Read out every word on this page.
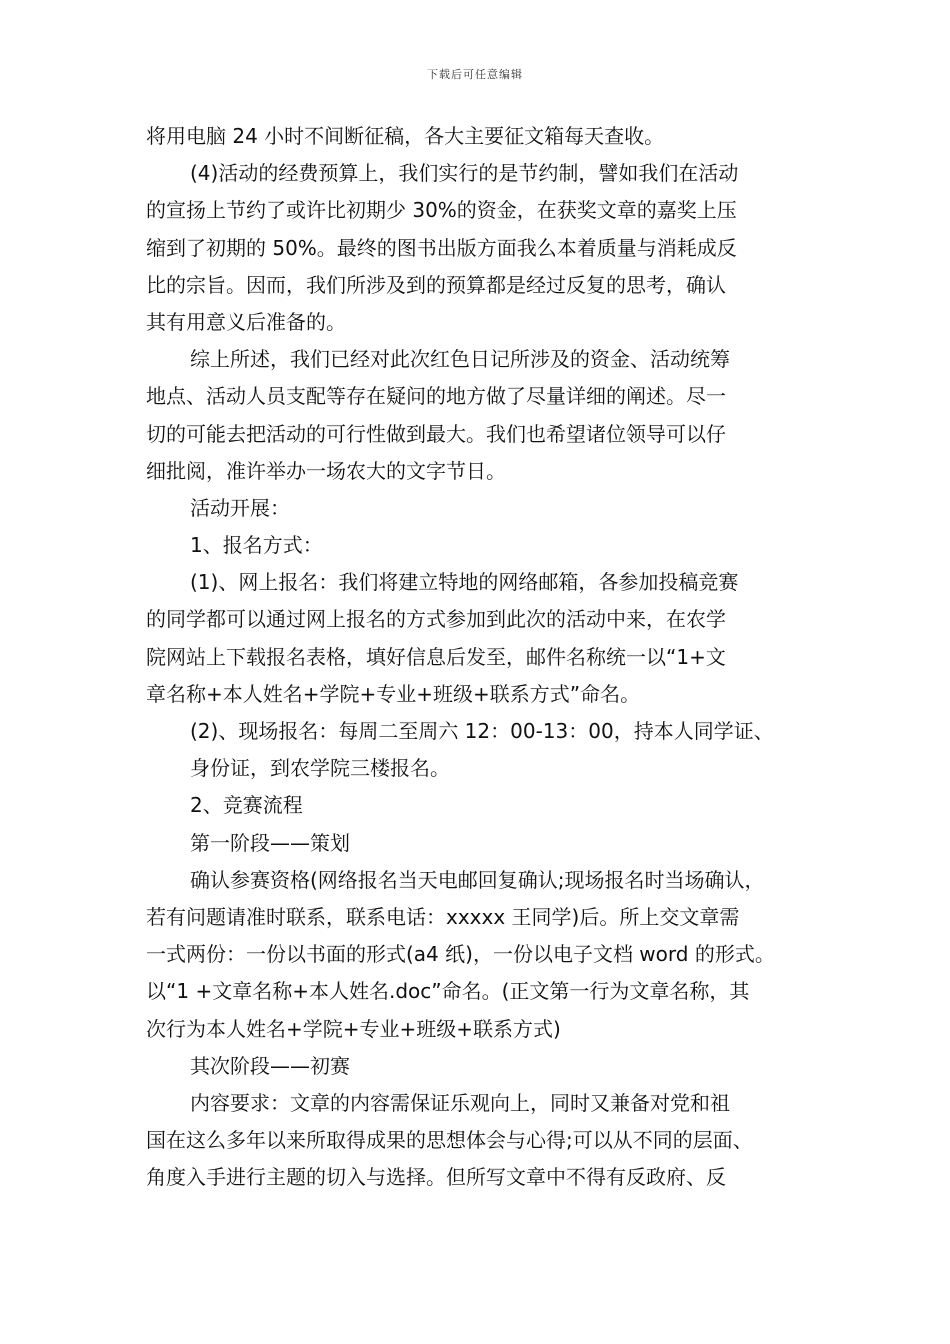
下载后可任意编辑
将用电脑 24 小时不间断征稿，各大主要征文箱每天查收。
(4)活动的经费预算上，我们实行的是节约制，譬如我们在活动
的宣扬上节约了或许比初期少 30%的资金，在获奖文章的嘉奖上压
缩到了初期的 50%。最终的图书出版方面我么本着质量与消耗成反
比的宗旨。因而，我们所涉及到的预算都是经过反复的思考，确认
其有用意义后准备的。
综上所述，我们已经对此次红色日记所涉及的资金、活动统筹
地点、活动人员支配等存在疑问的地方做了尽量详细的阐述。尽一
切的可能去把活动的可行性做到最大。我们也希望诸位领导可以仔
细批阅，准许举办一场农大的文字节日。
活动开展：
1、报名方式：
(1)、网上报名：我们将建立特地的网络邮箱，各参加投稿竞赛
的同学都可以通过网上报名的方式参加到此次的活动中来，在农学
院网站上下载报名表格，填好信息后发至，邮件名称统一以“1+文
章名称+本人姓名+学院+专业+班级+联系方式”命名。
(2)、现场报名：每周二至周六 12：00-13：00，持本人同学证、
身份证，到农学院三楼报名。
2、竞赛流程
第一阶段——策划
确认参赛资格(网络报名当天电邮回复确认;现场报名时当场确认，
若有问题请准时联系，联系电话：xxxxx 王同学)后。所上交文章需
一式两份：一份以书面的形式(a4 纸)，一份以电子文档 word 的形式。
以“1 +文章名称+本人姓名.doc”命名。(正文第一行为文章名称，其
次行为本人姓名+学院+专业+班级+联系方式)
其次阶段——初赛
内容要求：文章的内容需保证乐观向上，同时又兼备对党和祖
国在这么多年以来所取得成果的思想体会与心得;可以从不同的层面、
角度入手进行主题的切入与选择。但所写文章中不得有反政府、反
